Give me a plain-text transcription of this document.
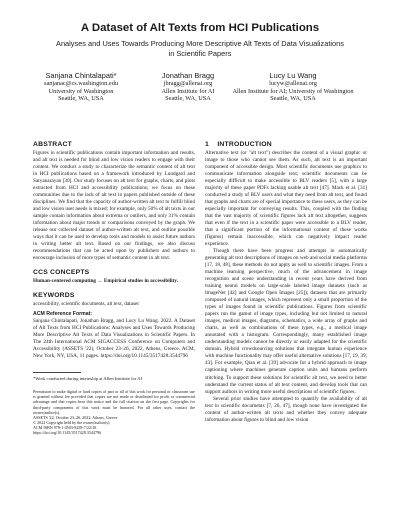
A Dataset of Alt Texts from HCI Publications
Analyses and Uses Towards Producing More Descriptive Alt Texts of Data Visualizations in Scientific Papers
Sanjana Chintalapati*
sanjanac@cs.washington.edu
University of Washington
Seattle, WA, USA
Jonathan Bragg
jbragg@allenai.org
Allen Institute for AI
Seattle, WA, USA
Lucy Lu Wang
lucyw@allenai.org
Allen Institute for AI; University of Washington
Seattle, WA, USA
ABSTRACT

Figures in scientific publications contain important information and results, and alt text is needed for blind and low vision readers to engage with their content. We conduct a study to characterize the semantic content of alt text in HCI publications based on a framework introduced by Lundgard and Satyanarayan [30]. Our study focuses on alt text for graphs, charts, and plots extracted from HCI and accessibility publications; we focus on these communities due to the lack of alt text in papers published outside of these disciplines. We find that the capacity of author-written alt text to fulfill blind and low vision user needs is mixed; for example, only 50% of alt texts in our sample contain information about extrema or outliers, and only 31% contain information about major trends or comparisons conveyed by the graph. We release our collected dataset of author-written alt text, and outline possible ways that it can be used to develop tools and models to assist future authors in writing better alt text. Based on our findings, we also discuss recommendations that can be acted upon by publishers and authors to encourage inclusion of more types of semantic content in alt text.

CCS CONCEPTS

Human-centered computing → Empirical studies in accessibility.

KEYWORDS

accessibility, scientific documents, alt text, dataset

ACM Reference Format:

Sanjana Chintalapati, Jonathan Bragg, and Lucy Lu Wang. 2022. A Dataset of Alt Texts from HCI Publications: Analyses and Uses Towards Producing More Descriptive Alt Texts of Data Visualizations in Scientific Papers. In The 24th International ACM SIGACCESS Conference on Computers and Accessibility (ASSETS '22), October 23–26, 2022, Athens, Greece. ACM, New York, NY, USA, 11 pages. https://doi.org/10.1145/3517428.3544796

*Work conducted during internship at Allen Institute for AI

Permission to make digital or hard copies of part or all of this work for personal or classroom use is granted without fee provided that copies are not made or distributed for profit or commercial advantage and that copies bear this notice and the full citation on the first page. Copyrights for third-party components of this work must be honored. For all other uses, contact the owner/author(s).

ASSETS '22, October 23–26, 2022, Athens, Greece

© 2022 Copyright held by the owner/author(s).

ACM ISBN 978-1-4503-9258-7/22/10.

https://doi.org/10.1145/3517428.3544796

1    INTRODUCTION

Alternative text (or "alt text") describes the content of a visual graphic or image to those who cannot see them. As such, alt text is an important component of accessible design. Most scientific documents use graphics to communicate information alongside text; scientific documents can be especially difficult to make accessible to BLV readers [5], with a large majority of these paper PDFs lacking usable alt text [47]. Mack et al. [31] conducted a study of BLV users and what they need from alt text, and found that graphs and charts are of special importance to these users, as they can be especially important for conveying results. This, coupled with the finding that the vast majority of scientific figures lack alt text altogether, suggests that even if the text in a scientific paper were accessible to a BLV reader, that a significant portion of the informational content of these works (figures) remain inaccessible, which can negatively impact reader experience.

Though there have been progress and attempts in automatically generating alt text descriptions of images on web and social media platforms [17, 18, 48], these methods do not apply as well to scientific images. From a machine learning perspective, much of the advancement in image recognition and scene understanding in recent years have derived from training neural models on large-scale labeled image datasets (such as ImageNet [42] and Google Open Images [25]); datasets that are primarily composed of natural images, which represent only a small proportion of the types of images found in scientific publications. Figures from scientific papers run the gamut of image types, including but not limited to natural images, medical images, diagrams, schematics, a wide array of graphs and charts, as well as combinations of these types, e.g., a medical image annotated with a histogram. Correspondingly, many established image understanding models cannot be directly or easily adapted for the scientific domain. Hybrid crowdsourcing solutions that integrate human experience with machine functionality may offer useful alternative solutions [17, 19, 39, 43]. For example, Qian et al. [39] advocate for a hybrid approach to image captioning where machines generate caption units and humans perform stitching. To support these solutions for scientific alt text, we need to better understand the current status of alt text content, and develop tools that can support authors in writing more useful descriptions of scientific figures.

Several prior studies have attempted to quantify the availability of alt text in scientific documents [7, 26, 47], though none have investigated the content of author-written alt texts and whether they convey adequate information about figures to blind and low vision
